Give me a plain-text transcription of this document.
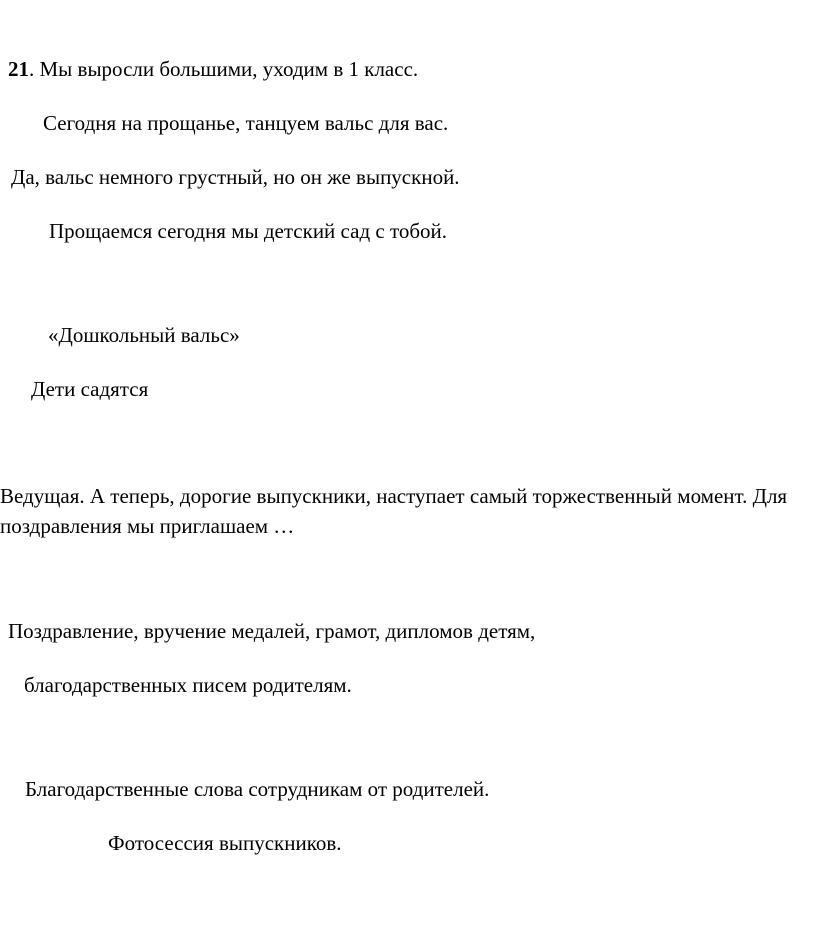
21. Мы выросли большими, уходим в 1 класс.
Сегодня на прощанье, танцуем вальс для вас.
Да, вальс немного грустный, но он же выпускной.
Прощаемся сегодня мы детский сад с тобой.
«Дошкольный вальс»
Дети садятся
Ведущая. А теперь, дорогие выпускники, наступает самый торжественный момент. Для поздравления мы приглашаем …
Поздравление, вручение медалей, грамот, дипломов детям,
благодарственных писем родителям.
Благодарственные слова сотрудникам от родителей.
Фотосессия выпускников.
